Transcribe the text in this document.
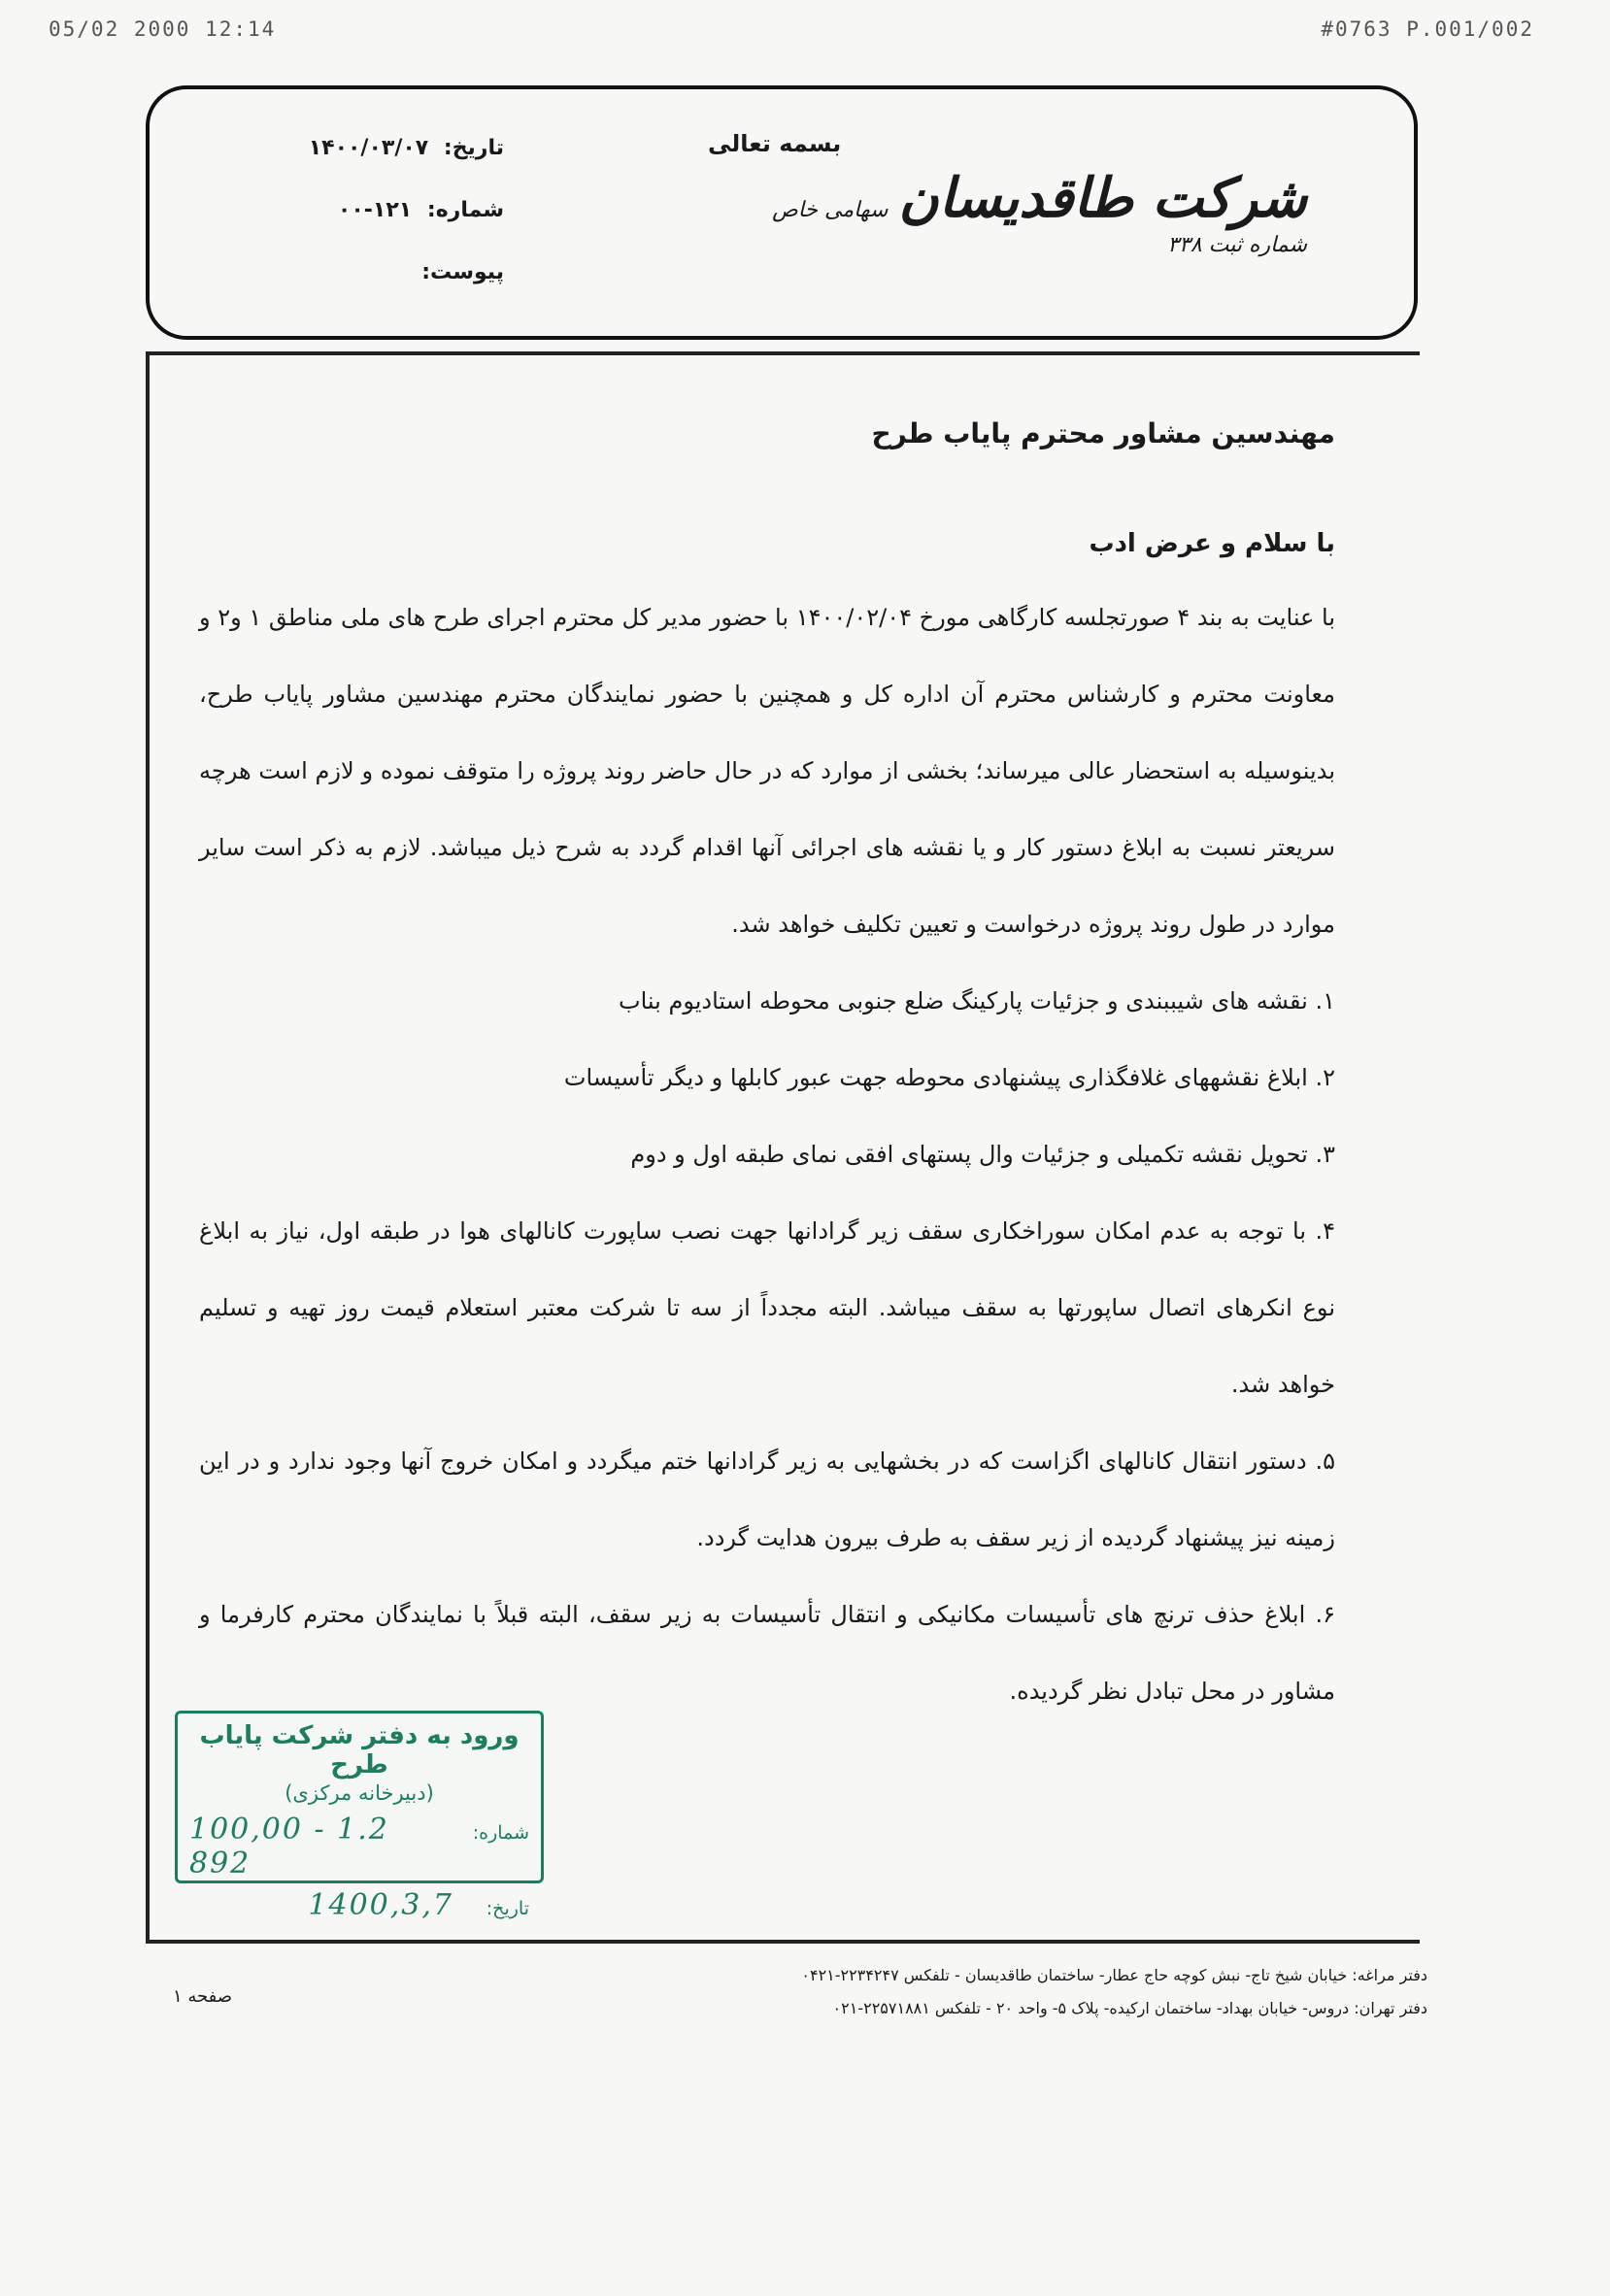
05/02 2000 12:14	#0763 P.001/002
بسمه تعالی
شرکت طاقدیسان سهامی خاص
شماره ثبت ۳۳۸
تاریخ: ۱۴۰۰/۰۳/۰۷
شماره: ۱۲۱-۰۰
پیوست:

مهندسین مشاور محترم پایاب طرح

با سلام و عرض ادب

با عنایت به بند ۴ صورتجلسه کارگاهی مورخ ۱۴۰۰/۰۲/۰۴ با حضور مدیر کل محترم اجرای طرح های ملی مناطق ۱ و۲ و معاونت محترم و کارشناس محترم آن اداره کل و همچنین با حضور نمایندگان محترم مهندسین مشاور پایاب طرح، بدینوسیله به استحضار عالی میرساند؛ بخشی از موارد که در حال حاضر روند پروژه را متوقف نموده و لازم است هرچه سریعتر نسبت به ابلاغ دستور کار و یا نقشه های اجرائی آنها اقدام گردد به شرح ذیل میباشد. لازم به ذکر است سایر موارد در طول روند پروژه درخواست و تعیین تکلیف خواهد شد.

۱. نقشه های شیببندی و جزئیات پارکینگ ضلع جنوبی محوطه استادیوم بناب

۲. ابلاغ نقشههای غلافگذاری پیشنهادی محوطه جهت عبور کابلها و دیگر تأسیسات

۳. تحویل نقشه تکمیلی و جزئیات وال پستهای افقی نمای طبقه اول و دوم

۴. با توجه به عدم امکان سوراخکاری سقف زیر گرادانها جهت نصب ساپورت کانالهای هوا در طبقه اول، نیاز به ابلاغ نوع انکرهای اتصال ساپورتها به سقف میباشد. البته مجدداً از سه تا شرکت معتبر استعلام قیمت روز تهیه و تسلیم خواهد شد.

۵. دستور انتقال کانالهای اگزاست که در بخشهایی به زیر گرادانها ختم میگردد و امکان خروج آنها وجود ندارد و در این زمینه نیز پیشنهاد گردیده از زیر سقف به طرف بیرون هدایت گردد.

۶. ابلاغ حذف ترنچ های تأسیسات مکانیکی و انتقال تأسیسات به زیر سقف، البته قبلاً با نمایندگان محترم کارفرما و مشاور در محل تبادل نظر گردیده.

ورود به دفتر شرکت پایاب طرح
(دبیرخانه مرکزی)
شماره:
100,00 - 1.2 892
تاریخ:
1400,3,7
دفتر مراغه: خیابان شیخ تاج- نبش کوچه حاج عطار- ساختمان طاقدیسان - تلفکس ۲۲۳۴۲۴۷-۰۴۲۱
دفتر تهران: دروس- خیابان بهداد- ساختمان ارکیده- پلاک ۵- واحد ۲۰ - تلفکس ۲۲۵۷۱۸۸۱-۰۲۱
صفحه ۱
